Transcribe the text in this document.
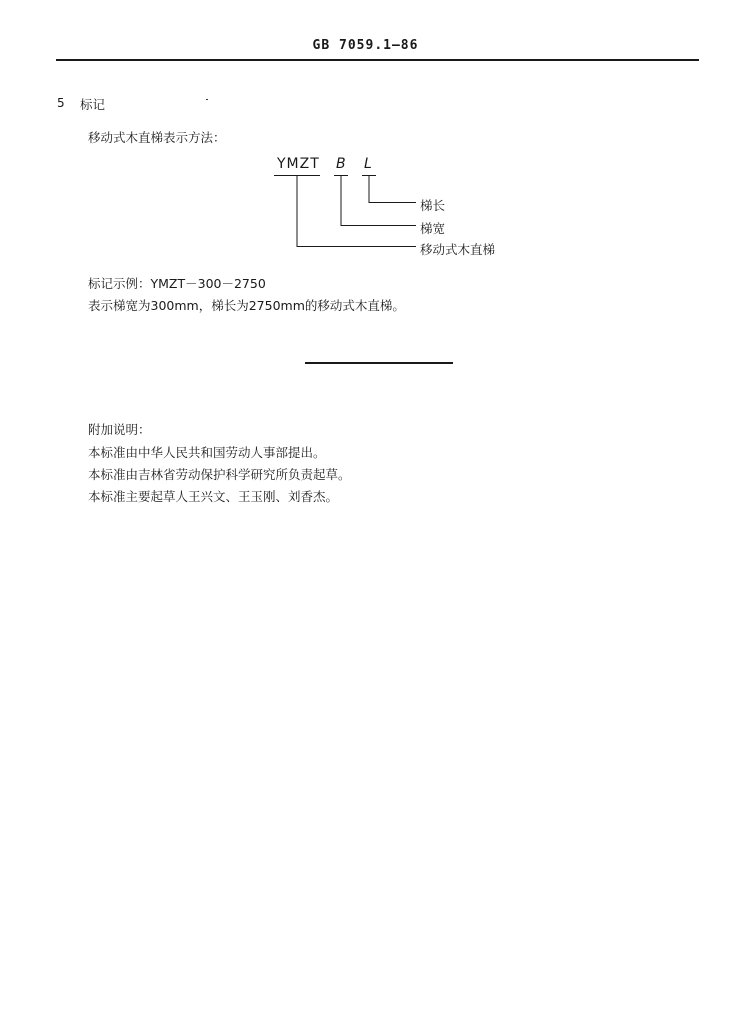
GB 7059.1—86
5 标记
移动式木直梯表示方法：
YMZT B L
梯长
梯宽
移动式木直梯
标记示例：YMZT－300－2750
表示梯宽为300mm，梯长为2750mm的移动式木直梯。
附加说明：
本标准由中华人民共和国劳动人事部提出。
本标准由吉林省劳动保护科学研究所负责起草。
本标准主要起草人王兴文、王玉刚、刘香杰。
